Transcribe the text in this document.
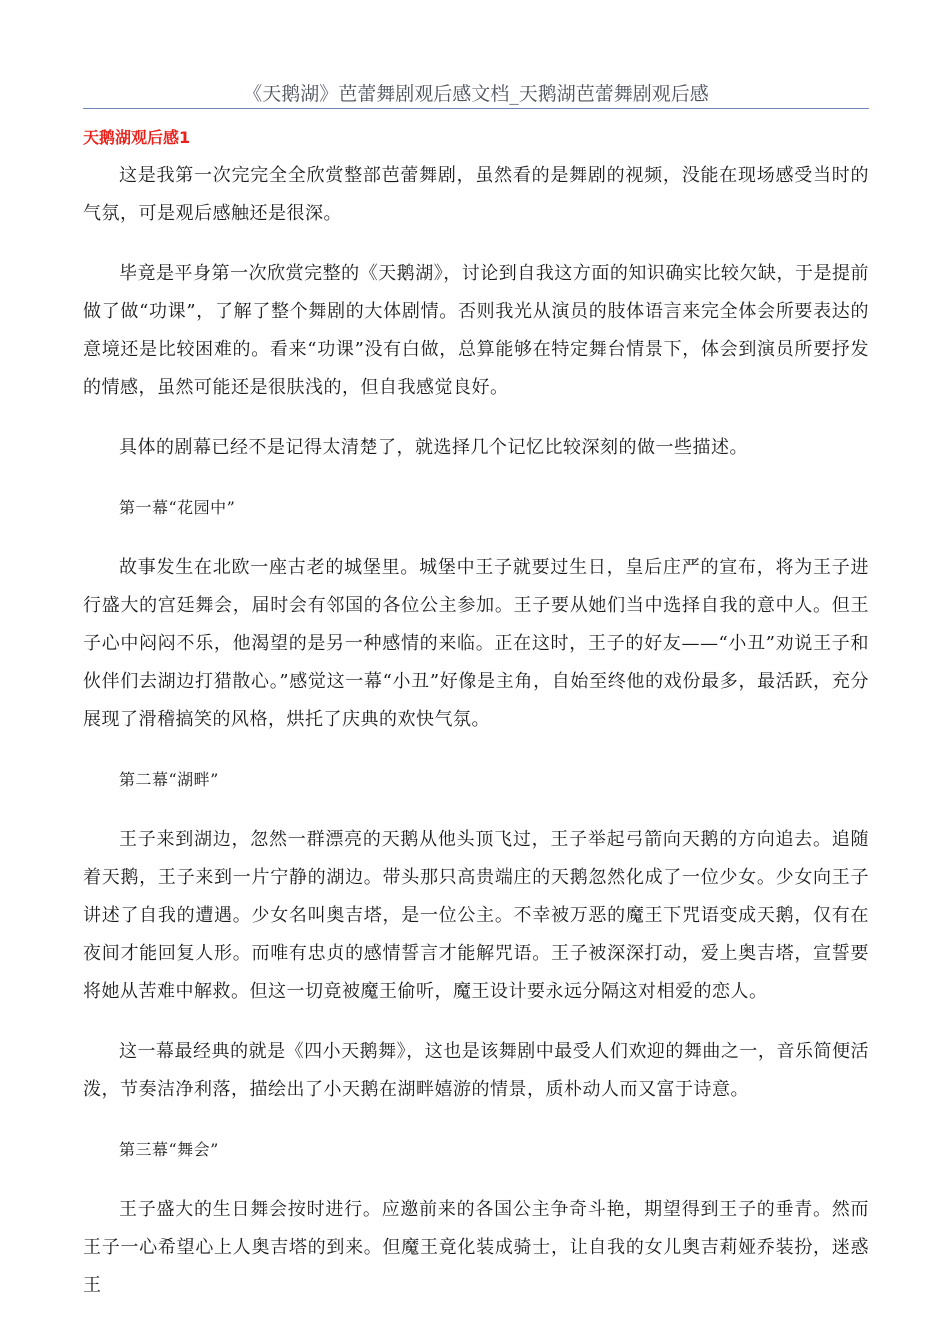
《天鹅湖》芭蕾舞剧观后感文档_天鹅湖芭蕾舞剧观后感
天鹅湖观后感1

这是我第一次完完全全欣赏整部芭蕾舞剧，虽然看的是舞剧的视频，没能在现场感受当时的气氛，可是观后感触还是很深。

毕竟是平身第一次欣赏完整的《天鹅湖》，讨论到自我这方面的知识确实比较欠缺，于是提前做了做“功课”，了解了整个舞剧的大体剧情。否则我光从演员的肢体语言来完全体会所要表达的意境还是比较困难的。看来“功课”没有白做，总算能够在特定舞台情景下，体会到演员所要抒发的情感，虽然可能还是很肤浅的，但自我感觉良好。

具体的剧幕已经不是记得太清楚了，就选择几个记忆比较深刻的做一些描述。

第一幕“花园中”

故事发生在北欧一座古老的城堡里。城堡中王子就要过生日，皇后庄严的宣布，将为王子进行盛大的宫廷舞会，届时会有邻国的各位公主参加。王子要从她们当中选择自我的意中人。但王子心中闷闷不乐，他渴望的是另一种感情的来临。正在这时，王子的好友——“小丑”劝说王子和伙伴们去湖边打猎散心。”感觉这一幕“小丑”好像是主角，自始至终他的戏份最多，最活跃，充分展现了滑稽搞笑的风格，烘托了庆典的欢快气氛。

第二幕“湖畔”

王子来到湖边，忽然一群漂亮的天鹅从他头顶飞过，王子举起弓箭向天鹅的方向追去。追随着天鹅，王子来到一片宁静的湖边。带头那只高贵端庄的天鹅忽然化成了一位少女。少女向王子讲述了自我的遭遇。少女名叫奥吉塔，是一位公主。不幸被万恶的魔王下咒语变成天鹅，仅有在夜间才能回复人形。而唯有忠贞的感情誓言才能解咒语。王子被深深打动，爱上奥吉塔，宣誓要将她从苦难中解救。但这一切竟被魔王偷听，魔王设计要永远分隔这对相爱的恋人。

这一幕最经典的就是《四小天鹅舞》，这也是该舞剧中最受人们欢迎的舞曲之一，音乐简便活泼，节奏洁净利落，描绘出了小天鹅在湖畔嬉游的情景，质朴动人而又富于诗意。

第三幕“舞会”

王子盛大的生日舞会按时进行。应邀前来的各国公主争奇斗艳，期望得到王子的垂青。然而王子一心希望心上人奥吉塔的到来。但魔王竟化装成骑士，让自我的女儿奥吉莉娅乔装扮，迷惑王
